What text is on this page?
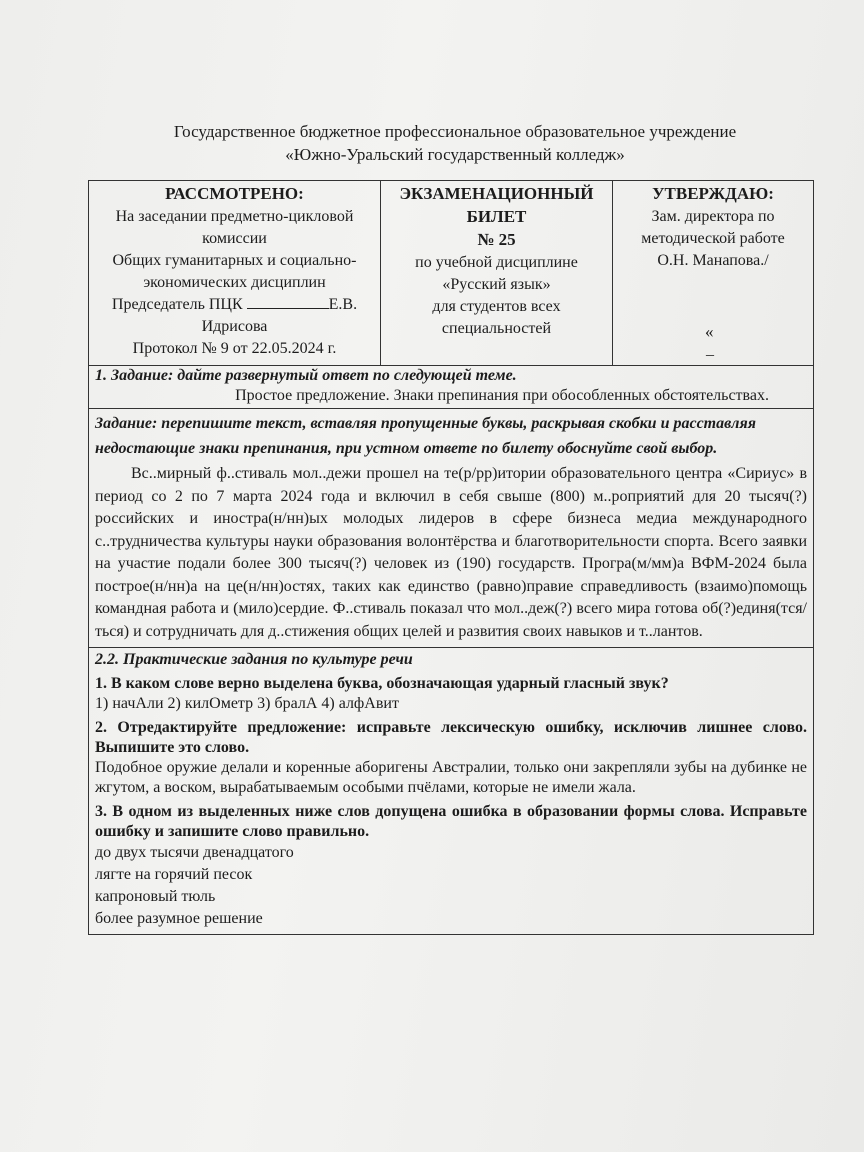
Государственное бюджетное профессиональное образовательное учреждение
«Южно-Уральский государственный колледж»
РАССМОТРЕНО:
На заседании предметно-цикловой
комиссии
Общих гуманитарных и социально-
экономических дисциплин
Председатель ПЦК	Е.В.
Идрисова
Протокол № 9 от 22.05.2024 г.
ЭКЗАМЕНАЦИОННЫЙ
БИЛЕТ
№ 25
по учебной дисциплине
«Русский язык»
для студентов всех
специальностей
УТВЕРЖДАЮ:
Зам. директора по
методической работе
О.Н. Манапова./
«
_
1. Задание: дайте развернутый ответ по следующей теме.
Простое предложение. Знаки препинания при обособленных обстоятельствах.
Задание: перепишите текст, вставляя пропущенные буквы, раскрывая скобки и расставляя недостающие знаки препинания, при устном ответе по билету обоснуйте свой выбор.
Вс..мирный ф..стиваль мол..дежи прошел на те(р/рр)итории образовательного центра «Сириус» в период со 2 по 7 марта 2024 года и включил в себя свыше (800) м..роприятий для 20 тысяч(?) российских и иностра(н/нн)ых молодых лидеров в сфере бизнеса медиа международного с..трудничества культуры науки образования волонтёрства и благотворительности спорта. Всего заявки на участие подали более 300 тысяч(?) человек из (190) государств. Програ(м/мм)а ВФМ-2024 была построе(н/нн)а на це(н/нн)остях, таких как единство (равно)правие справедливость (взаимо)помощь командная работа и (мило)сердие. Ф..стиваль показал что мол..деж(?) всего мира готова об(?)единя(тся/ться) и сотрудничать для д..стижения общих целей и развития своих навыков и т..лантов.
2.2. Практические задания по культуре речи
1. В каком слове верно выделена буква, обозначающая ударный гласный звук?
1) начАли 2) килОметр 3) бралА 4) алфАвит
2. Отредактируйте предложение: исправьте лексическую ошибку, исключив лишнее слово. Выпишите это слово.
Подобное оружие делали и коренные аборигены Австралии, только они закрепляли зубы на дубинке не жгутом, а воском, вырабатываемым особыми пчёлами, которые не имели жала.
3. В одном из выделенных ниже слов допущена ошибка в образовании формы слова. Исправьте ошибку и запишите слово правильно.
до двух тысячи двенадцатого
лягте на горячий песок
капроновый тюль
более разумное решение
